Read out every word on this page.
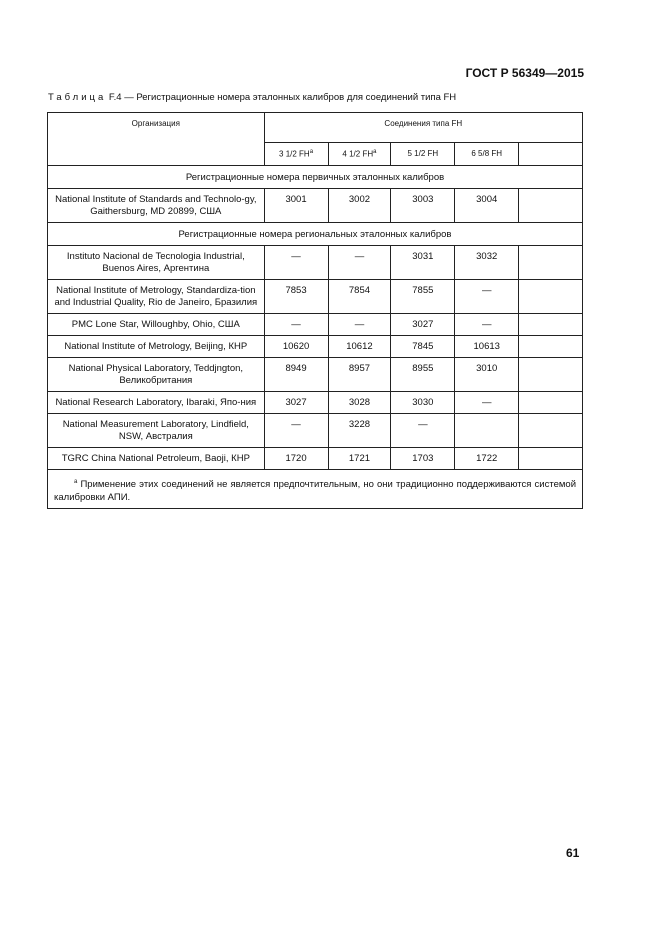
ГОСТ Р 56349—2015
Таблица F.4 — Регистрационные номера эталонных калибров для соединений типа FH
Организация	Соединения типа FH				
	3 1/2 $FH^a$	4 1/2 $FH^a$	5 1/2 FH	6 5/8 FH	
Регистрационные номера первичных эталонных калибров					
National Institute of Standards and Technolo-gy, Gaithersburg, MD 20899, США	3001	3002	3003	3004	
Регистрационные номера региональных эталонных калибров					
Instituto Nacional de Tecnologia Industrial, Buenos Aires, Аргентина	—	—	3031	3032	
National Institute of Metrology, Standardiza-tion and Industrial Quality, Rio de Janeiro, Бразилия	7853	7854	7855	—	
PMC Lone Star, Willoughby, Ohio, США	—	—	3027	—	
National Institute of Metrology, Beijing, КНР	10620	10612	7845	10613	
National Physical Laboratory, Teddjngton, Великобритания	8949	8957	8955	3010	
National Research Laboratory, Ibaraki, Япо-ния	3027	3028	3030	—	
National Measurement Laboratory, Lindfield, NSW, Австралия	—	3228	—		
TGRC China National Petroleum, Baoji, КНР	1720	1721	1703	1722	

$^a$ Применение этих соединений не является предпочтительным, но они традиционно поддерживаются системой калибровки АПИ.					
61
